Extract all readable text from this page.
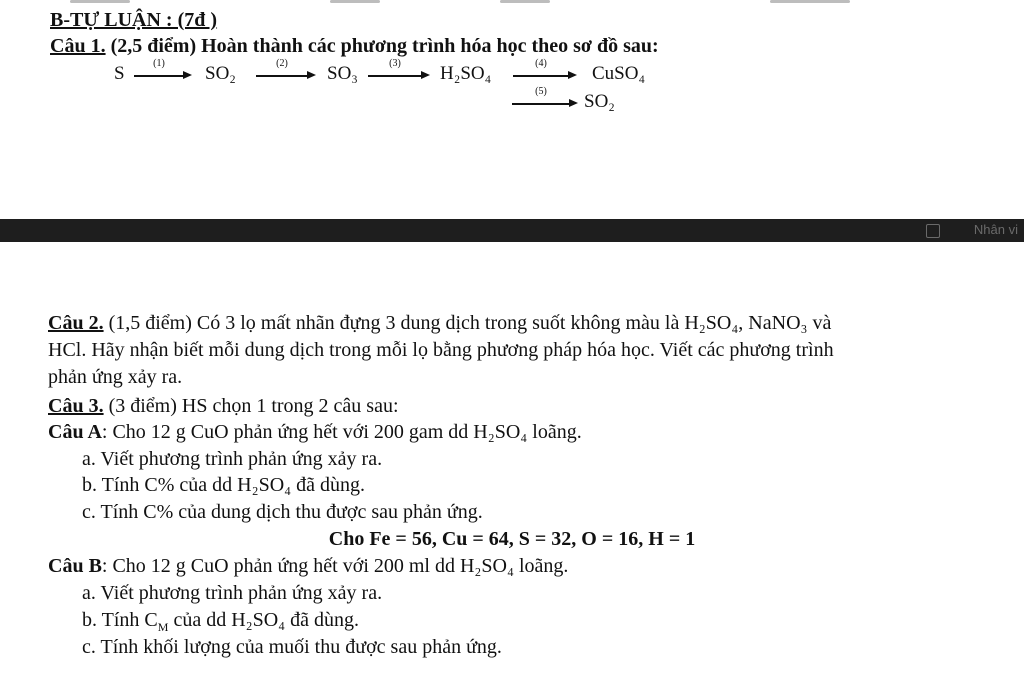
B-TỰ LUẬN : (7đ )
Câu 1. (2,5 điểm) Hoàn thành các phương trình hóa học theo sơ đồ sau:
S	(1)	SO₂	(2)	SO₃	(3)	H₂SO₄	(4)	CuSO₄
(5)	SO₂
Nhân vi
Câu 2. (1,5 điểm) Có 3 lọ mất nhãn đựng 3 dung dịch trong suốt không màu là H₂SO₄, NaNO₃ và
HCl. Hãy nhận biết mỗi dung dịch trong mỗi lọ bằng phương pháp hóa học. Viết các phương trình
phản ứng xảy ra.
Câu 3. (3 điểm) HS chọn 1 trong 2 câu sau:
Câu A: Cho 12 g CuO phản ứng hết với 200 gam dd H₂SO₄ loãng.
a. Viết phương trình phản ứng xảy ra.
b. Tính C% của dd H₂SO₄ đã dùng.
c. Tính C% của dung dịch thu được sau phản ứng.
Cho Fe = 56, Cu = 64, S = 32, O = 16, H = 1
Câu B: Cho 12 g CuO phản ứng hết với 200 ml dd H₂SO₄ loãng.
a. Viết phương trình phản ứng xảy ra.
b. Tính $C_M$ của dd H₂SO₄ đã dùng.
c. Tính khối lượng của muối thu được sau phản ứng.
